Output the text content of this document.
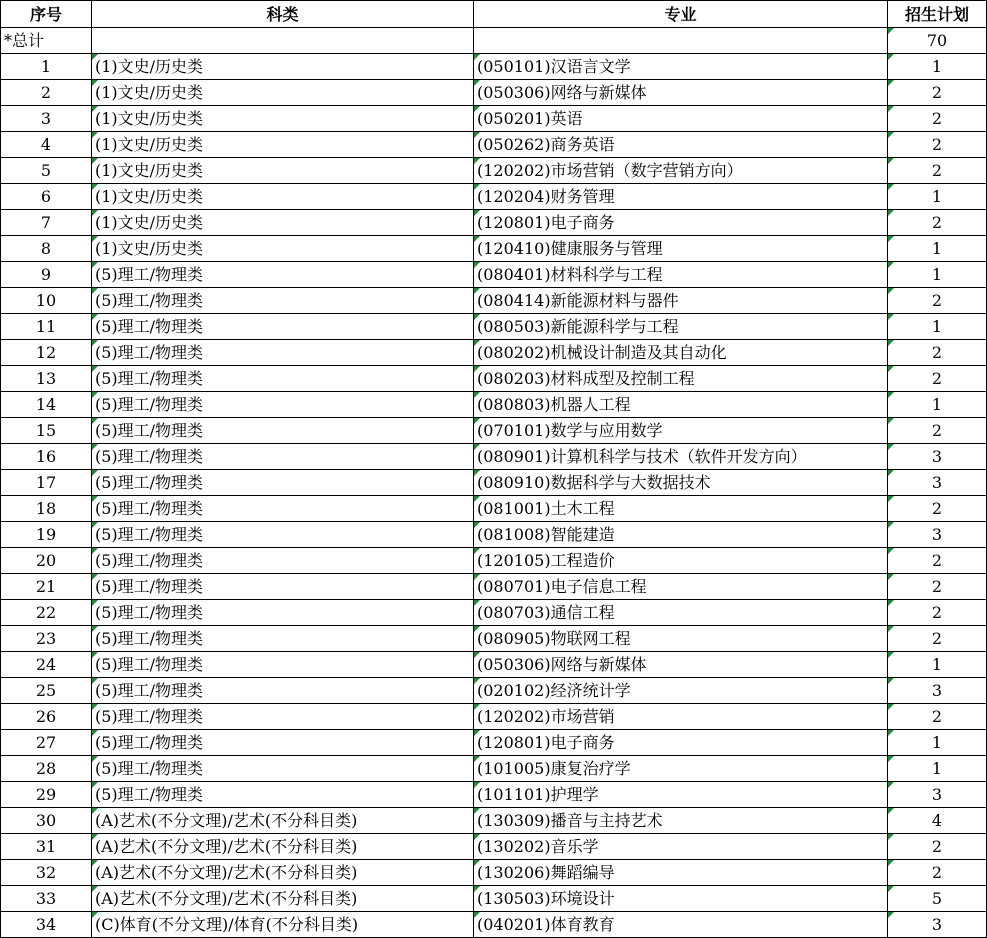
序号	科类	专业	招生计划
*总计			70
1	(1)文史/历史类	(050101)汉语言文学	1
2	(1)文史/历史类	(050306)网络与新媒体	2
3	(1)文史/历史类	(050201)英语	2
4	(1)文史/历史类	(050262)商务英语	2
5	(1)文史/历史类	(120202)市场营销（数字营销方向）	2
6	(1)文史/历史类	(120204)财务管理	1
7	(1)文史/历史类	(120801)电子商务	2
8	(1)文史/历史类	(120410)健康服务与管理	1
9	(5)理工/物理类	(080401)材料科学与工程	1
10	(5)理工/物理类	(080414)新能源材料与器件	2
11	(5)理工/物理类	(080503)新能源科学与工程	1
12	(5)理工/物理类	(080202)机械设计制造及其自动化	2
13	(5)理工/物理类	(080203)材料成型及控制工程	2
14	(5)理工/物理类	(080803)机器人工程	1
15	(5)理工/物理类	(070101)数学与应用数学	2
16	(5)理工/物理类	(080901)计算机科学与技术（软件开发方向）	3
17	(5)理工/物理类	(080910)数据科学与大数据技术	3
18	(5)理工/物理类	(081001)土木工程	2
19	(5)理工/物理类	(081008)智能建造	3
20	(5)理工/物理类	(120105)工程造价	2
21	(5)理工/物理类	(080701)电子信息工程	2
22	(5)理工/物理类	(080703)通信工程	2
23	(5)理工/物理类	(080905)物联网工程	2
24	(5)理工/物理类	(050306)网络与新媒体	1
25	(5)理工/物理类	(020102)经济统计学	3
26	(5)理工/物理类	(120202)市场营销	2
27	(5)理工/物理类	(120801)电子商务	1
28	(5)理工/物理类	(101005)康复治疗学	1
29	(5)理工/物理类	(101101)护理学	3
30	(A)艺术(不分文理)/艺术(不分科目类)	(130309)播音与主持艺术	4
31	(A)艺术(不分文理)/艺术(不分科目类)	(130202)音乐学	2
32	(A)艺术(不分文理)/艺术(不分科目类)	(130206)舞蹈编导	2
33	(A)艺术(不分文理)/艺术(不分科目类)	(130503)环境设计	5
34	(C)体育(不分文理)/体育(不分科目类)	(040201)体育教育	3
